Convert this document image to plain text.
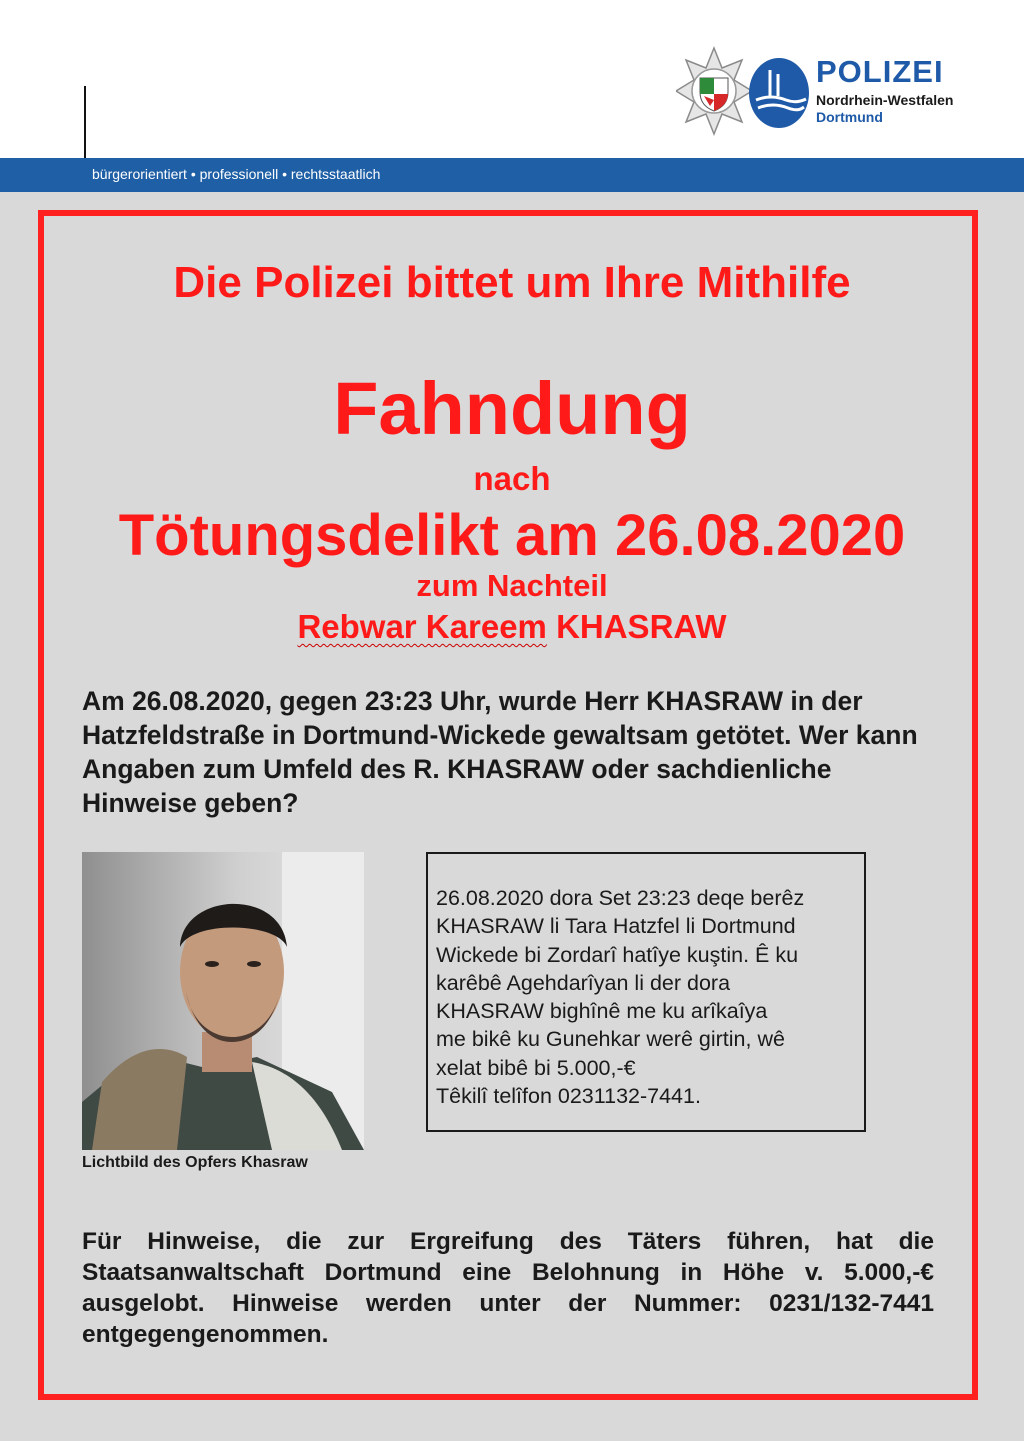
POLIZEI
Nordrhein-Westfalen
Dortmund
bürgerorientiert • professionell • rechtsstaatlich
Die Polizei bittet um Ihre Mithilfe
Fahndung
nach
Tötungsdelikt am 26.08.2020
zum Nachteil
Rebwar Kareem KHASRAW
Am 26.08.2020, gegen 23:23 Uhr, wurde Herr KHASRAW in der Hatzfeldstraße in Dortmund-Wickede gewaltsam getötet. Wer kann Angaben zum Umfeld des R. KHASRAW oder sachdienliche Hinweise geben?
Lichtbild des Opfers Khasraw
26.08.2020 dora Set 23:23 deqe berêz
KHASRAW li Tara Hatzfel li Dortmund
Wickede bi Zordarî hatîye kuştin. Ê ku
karêbê Agehdarîyan li der dora
KHASRAW bighînê me ku arîkaîya
me bikê ku Gunehkar werê girtin, wê
xelat bibê bi 5.000,-€
Têkilî telîfon 0231132-7441.
Für Hinweise, die zur Ergreifung des Täters führen, hat die Staatsanwaltschaft Dortmund eine Belohnung in Höhe v. 5.000,-€ ausgelobt. Hinweise werden unter der Nummer: 0231/132-7441 entgegengenommen.
